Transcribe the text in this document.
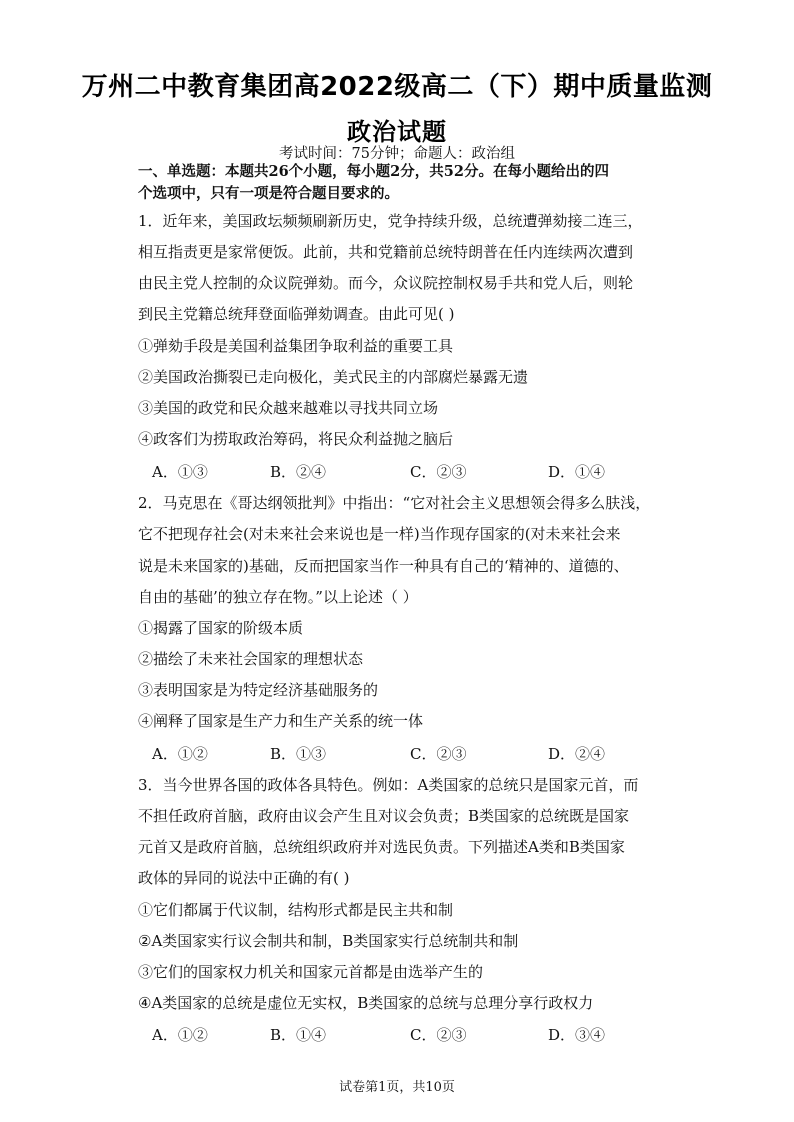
万州二中教育集团高2022级高二（下）期中质量监测
政治试题
考试时间：75分钟；命题人：政治组
一、单选题：本题共26个小题，每小题2分，共52分。在每小题给出的四
个选项中，只有一项是符合题目要求的。
1．近年来，美国政坛频频刷新历史，党争持续升级，总统遭弹劾接二连三，
相互指责更是家常便饭。此前，共和党籍前总统特朗普在任内连续两次遭到
由民主党人控制的众议院弹劾。而今，众议院控制权易手共和党人后，则轮
到民主党籍总统拜登面临弹劾调查。由此可见( )
①弹劾手段是美国利益集团争取利益的重要工具
②美国政治撕裂已走向极化，美式民主的内部腐烂暴露无遗
③美国的政党和民众越来越难以寻找共同立场
④政客们为捞取政治筹码，将民众利益抛之脑后
A．①③	B．②④	C．②③	D．①④
2．马克思在《哥达纲领批判》中指出：“它对社会主义思想领会得多么肤浅，
它不把现存社会(对未来社会来说也是一样)当作现存国家的(对未来社会来
说是未来国家的)基础，反而把国家当作一种具有自己的‘精神的、道德的、
自由的基础’的独立存在物。”以上论述（ ）
①揭露了国家的阶级本质
②描绘了未来社会国家的理想状态
③表明国家是为特定经济基础服务的
④阐释了国家是生产力和生产关系的统一体
A．①②	B．①③	C．②③	D．②④
3．当今世界各国的政体各具特色。例如：A类国家的总统只是国家元首，而
不担任政府首脑，政府由议会产生且对议会负责；B类国家的总统既是国家
元首又是政府首脑，总统组织政府并对选民负责。下列描述A类和B类国家
政体的异同的说法中正确的有( )
①它们都属于代议制，结构形式都是民主共和制
②A类国家实行议会制共和制，B类国家实行总统制共和制
③它们的国家权力机关和国家元首都是由选举产生的
④A类国家的总统是虚位无实权，B类国家的总统与总理分享行政权力
A．①②	B．①④	C．②③	D．③④
试卷第1页，共10页
